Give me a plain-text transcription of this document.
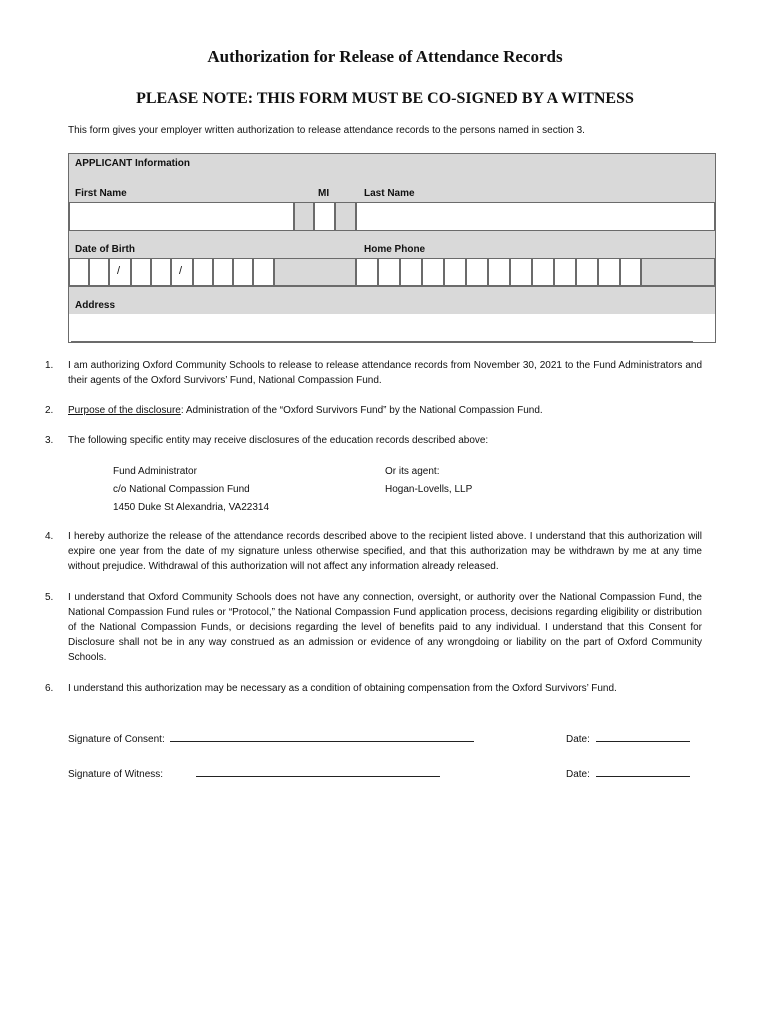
Authorization for Release of Attendance Records
PLEASE NOTE: THIS FORM MUST BE CO-SIGNED BY A WITNESS
This form gives your employer written authorization to release attendance records to the persons named in section 3.
APPLICANT Information
First Name	MI	Last Name
Date of Birth	Home Phone
/	/
Address
1. I am authorizing Oxford Community Schools to release to release attendance records from November 30, 2021 to the Fund Administrators and their agents of the Oxford Survivors’ Fund, National Compassion Fund.
2. Purpose of the disclosure: Administration of the “Oxford Survivors Fund” by the National Compassion Fund.
3. The following specific entity may receive disclosures of the education records described above:
Fund Administrator
c/o National Compassion Fund
1450 Duke St Alexandria, VA22314
Or its agent:
Hogan-Lovells, LLP
4. I hereby authorize the release of the attendance records described above to the recipient listed above. I understand that this authorization will expire one year from the date of my signature unless otherwise specified, and that this authorization may be withdrawn by me at any time without prejudice. Withdrawal of this authorization will not affect any information already released.
5. I understand that Oxford Community Schools does not have any connection, oversight, or authority over the National Compassion Fund, the National Compassion Fund rules or “Protocol,” the National Compassion Fund application process, decisions regarding eligibility or distribution of the National Compassion Funds, or decisions regarding the level of benefits paid to any individual. I understand that this Consent for Disclosure shall not be in any way construed as an admission or evidence of any wrongdoing or liability on the part of Oxford Community Schools.
6. I understand this authorization may be necessary as a condition of obtaining compensation from the Oxford Survivors’ Fund.
Signature of Consent:	Date:
Signature of Witness:	Date:
